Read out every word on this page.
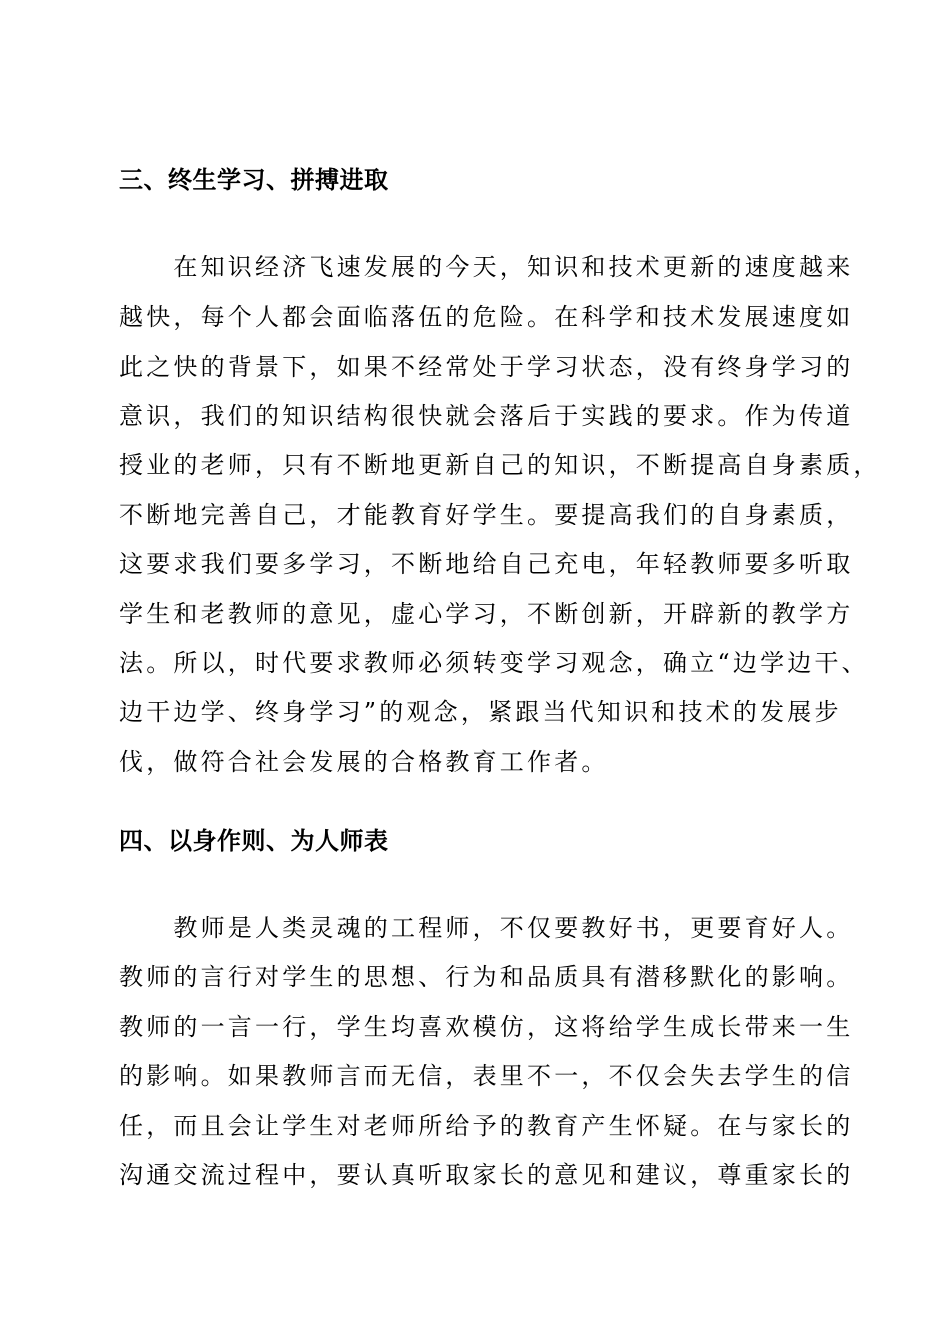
三、终生学习、拼搏进取
　　在知识经济飞速发展的今天，知识和技术更新的速度越来
越快，每个人都会面临落伍的危险。在科学和技术发展速度如
此之快的背景下，如果不经常处于学习状态，没有终身学习的
意识，我们的知识结构很快就会落后于实践的要求。作为传道
授业的老师，只有不断地更新自己的知识，不断提高自身素质，
不断地完善自己，才能教育好学生。要提高我们的自身素质，
这要求我们要多学习，不断地给自己充电，年轻教师要多听取
学生和老教师的意见，虚心学习，不断创新，开辟新的教学方
法。所以，时代要求教师必须转变学习观念，确立“边学边干、
边干边学、终身学习”的观念，紧跟当代知识和技术的发展步
伐，做符合社会发展的合格教育工作者。
四、以身作则、为人师表
　　教师是人类灵魂的工程师，不仅要教好书，更要育好人。
教师的言行对学生的思想、行为和品质具有潜移默化的影响。
教师的一言一行，学生均喜欢模仿，这将给学生成长带来一生
的影响。如果教师言而无信，表里不一，不仅会失去学生的信
任，而且会让学生对老师所给予的教育产生怀疑。在与家长的
沟通交流过程中，要认真听取家长的意见和建议，尊重家长的
